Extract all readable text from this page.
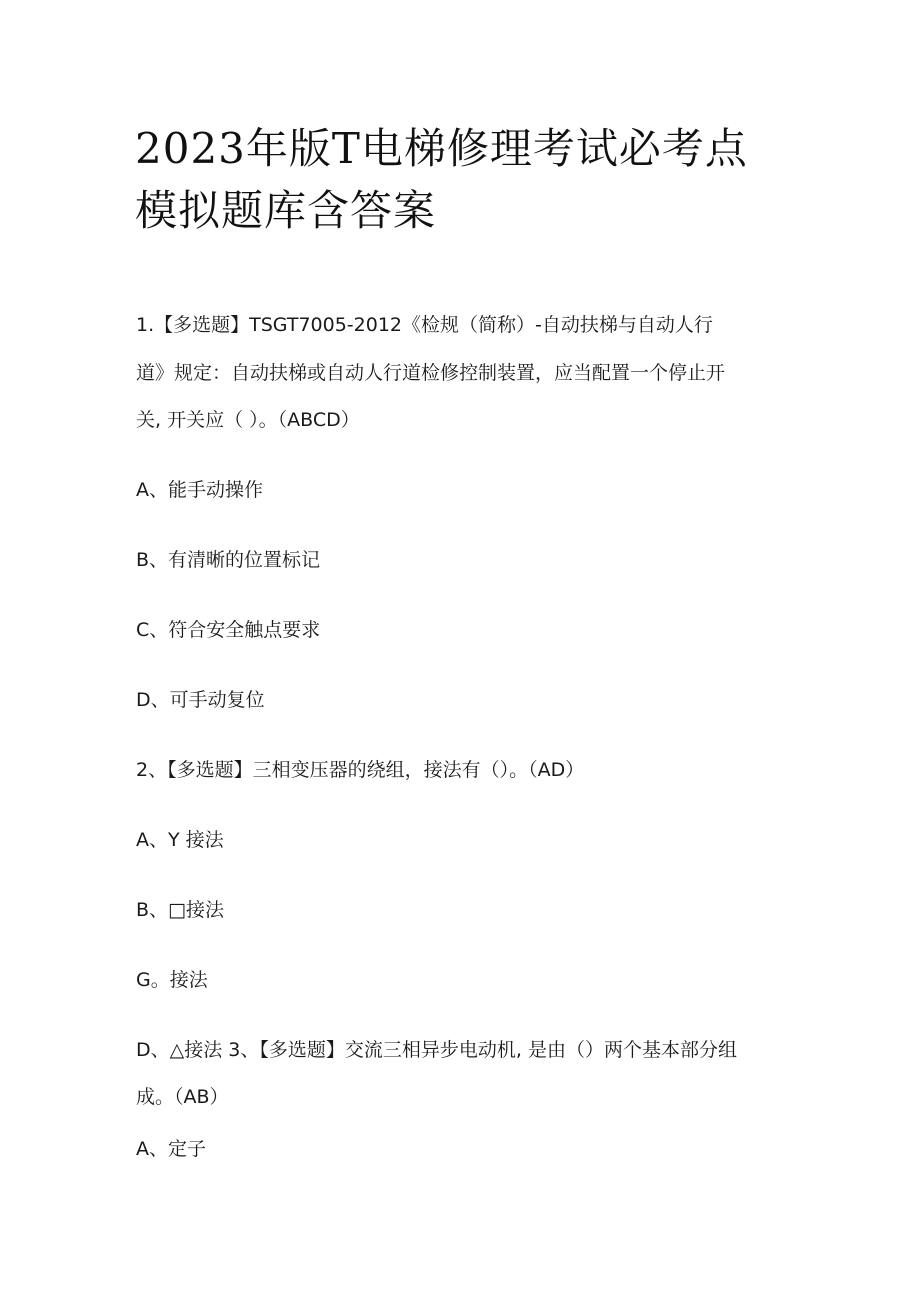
2023年版T电梯修理考试必考点
模拟题库含答案
1.【多选题】TSGT7005-2012《检规（简称）-自动扶梯与自动人行
道》规定：自动扶梯或自动人行道检修控制装置，应当配置一个停止开
关, 开关应（ ）。（ABCD）
A、能手动操作
B、有清晰的位置标记
C、符合安全触点要求
D、可手动复位
2、【多选题】三相变压器的绕组，接法有（）。（AD）
A、Y 接法
B、□接法
G。接法
D、△接法 3、【多选题】交流三相异步电动机, 是由（）两个基本部分组
成。（AB）
A、定子
